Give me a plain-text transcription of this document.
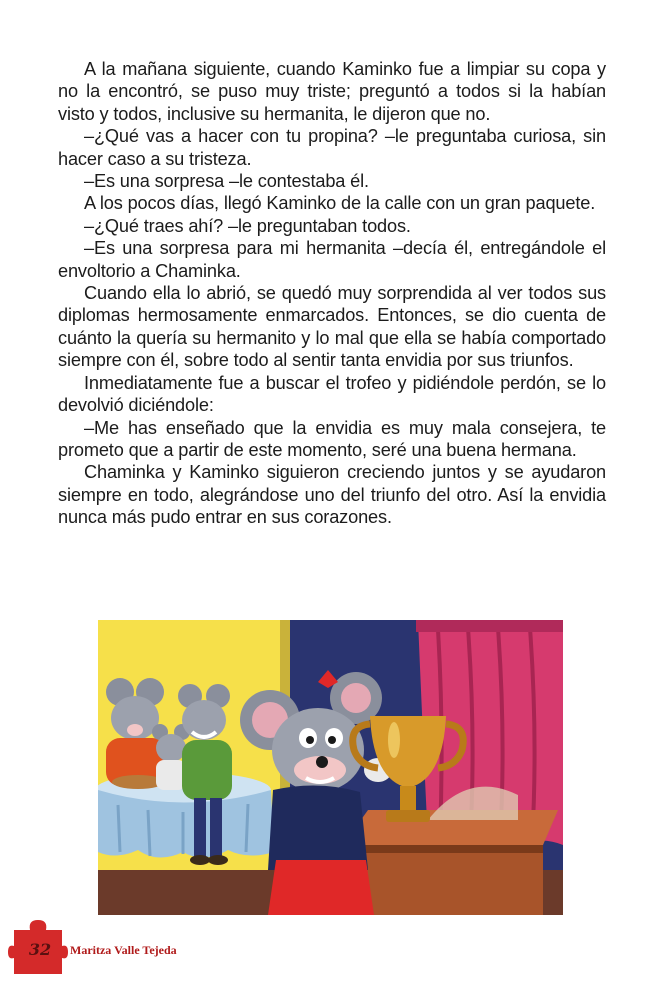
A la mañana siguiente, cuando Kaminko fue a limpiar su copa y no la encontró, se puso muy triste; preguntó a todos si la habían visto y todos, inclusive su hermanita, le dijeron que no.

–¿Qué vas a hacer con tu propina? –le preguntaba curiosa, sin hacer caso a su tristeza.

–Es una sorpresa –le contestaba él.

A los pocos días, llegó Kaminko de la calle con un gran paquete.

–¿Qué traes ahí? –le preguntaban todos.

–Es una sorpresa para mi hermanita –decía él, entregándole el envoltorio a Chaminka.

Cuando ella lo abrió, se quedó muy sorprendida al ver todos sus diplomas hermosamente enmarcados. Entonces, se dio cuenta de cuánto la quería su hermanito y lo mal que ella se había comportado siempre con él, sobre todo al sentir tanta envidia por sus triunfos.

Inmediatamente fue a buscar el trofeo y pidiéndole perdón, se lo devolvió diciéndole:

–Me has enseñado que la envidia es muy mala consejera, te prometo que a partir de este momento, seré una buena hermana.

Chaminka y Kaminko siguieron creciendo juntos y se ayudaron siempre en todo, alegrándose uno del triunfo del otro. Así la envidia nunca más pudo entrar en sus corazones.

32	Maritza Valle Tejeda
